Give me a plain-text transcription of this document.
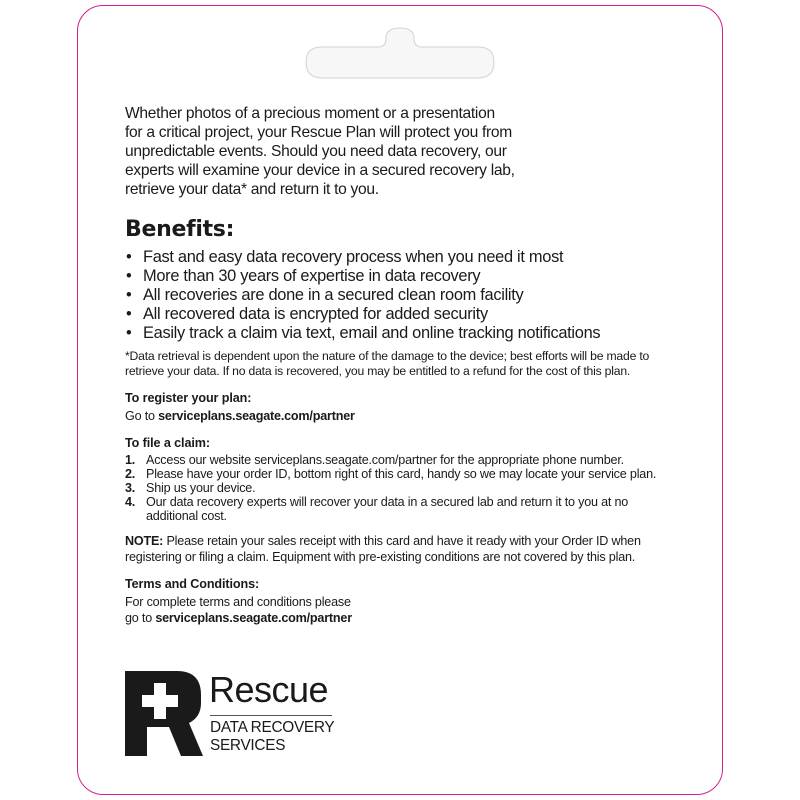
Whether photos of a precious moment or a presentation for a critical project, your Rescue Plan will protect you from unpredictable events. Should you need data recovery, our experts will examine your device in a secured recovery lab, retrieve your data* and return it to you.

Benefits:
• Fast and easy data recovery process when you need it most
• More than 30 years of expertise in data recovery
• All recoveries are done in a secured clean room facility
• All recovered data is encrypted for added security
• Easily track a claim via text, email and online tracking notifications

*Data retrieval is dependent upon the nature of the damage to the device; best efforts will be made to
retrieve your data. If no data is recovered, you may be entitled to a refund for the cost of this plan.

To register your plan:

Go to serviceplans.seagate.com/partner

To file a claim:
1. Access our website serviceplans.seagate.com/partner for the appropriate phone number.
2. Please have your order ID, bottom right of this card, handy so we may locate your service plan.
3. Ship us your device.
4. Our data recovery experts will recover your data in a secured lab and return it to you at no additional cost.

NOTE: Please retain your sales receipt with this card and have it ready with your Order ID when registering or filing a claim. Equipment with pre-existing conditions are not covered by this plan.

Terms and Conditions:

For complete terms and conditions please

go to serviceplans.seagate.com/partner

Rescue
DATA RECOVERY
SERVICES
